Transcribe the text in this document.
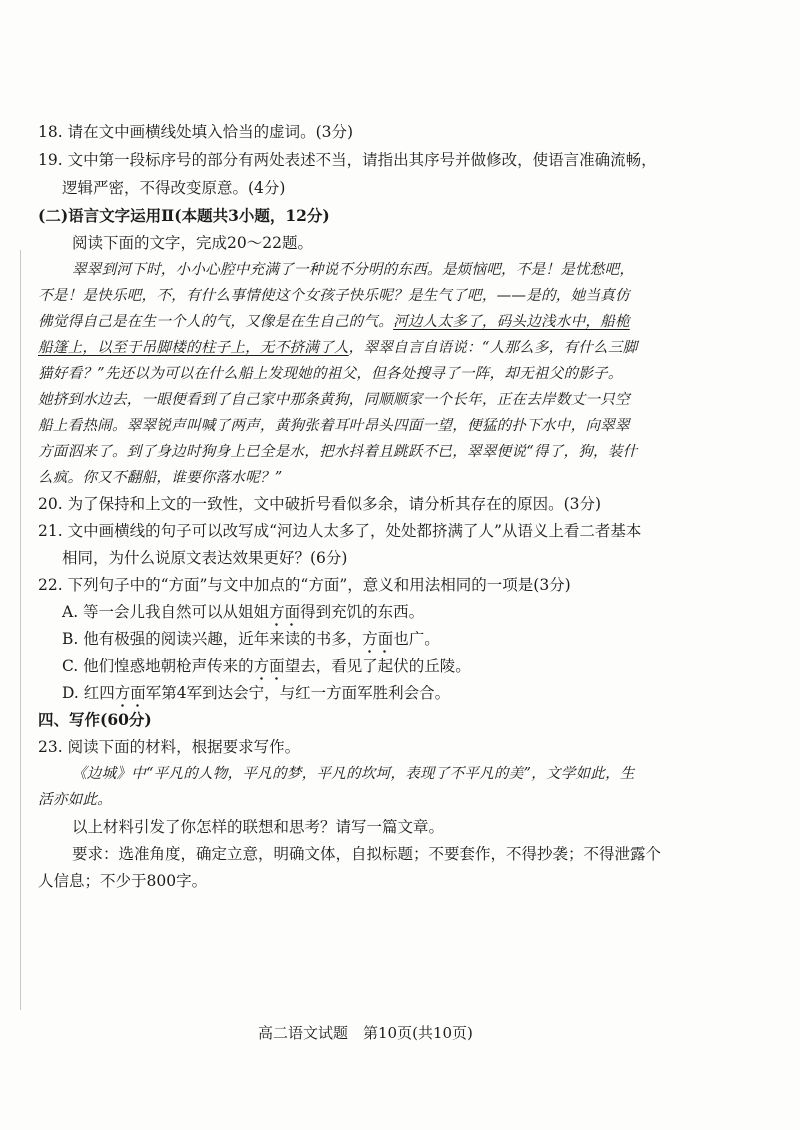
18. 请在文中画横线处填入恰当的虚词。(3分)
19. 文中第一段标序号的部分有两处表述不当，请指出其序号并做修改，使语言准确流畅，
逻辑严密，不得改变原意。(4分)
(二)语言文字运用Ⅱ(本题共3小题，12分)
阅读下面的文字，完成20～22题。
翠翠到河下时，小小心腔中充满了一种说不分明的东西。是烦恼吧，不是！是忧愁吧，
不是！是快乐吧，不，有什么事情使这个女孩子快乐呢？是生气了吧，——是的，她当真仿
佛觉得自己是在生一个人的气，又像是在生自己的气。河边人太多了，码头边浅水中，船桅
船篷上，以至于吊脚楼的柱子上，无不挤满了人，翠翠自言自语说：“人那么多，有什么三脚
猫好看？”先还以为可以在什么船上发现她的祖父，但各处搜寻了一阵，却无祖父的影子。
她挤到水边去，一眼便看到了自己家中那条黄狗，同顺顺家一个长年，正在去岸数丈一只空
船上看热闹。翠翠锐声叫喊了两声，黄狗张着耳叶昂头四面一望，便猛的扑下水中，向翠翠
方面泅来了。到了身边时狗身上已全是水，把水抖着且跳跃不已，翠翠便说“得了，狗，装什
么疯。你又不翻船，谁要你落水呢？”
20. 为了保持和上文的一致性，文中破折号看似多余，请分析其存在的原因。(3分)
21. 文中画横线的句子可以改写成“河边人太多了，处处都挤满了人”从语义上看二者基本
相同，为什么说原文表达效果更好？(6分)
22. 下列句子中的“方面”与文中加点的“方面”，意义和用法相同的一项是(3分)
A. 等一会儿我自然可以从姐姐方面得到充饥的东西。
B. 他有极强的阅读兴趣，近年来读的书多，方面也广。
C. 他们惶惑地朝枪声传来的方面望去，看见了起伏的丘陵。
D. 红四方面军第4军到达会宁，与红一方面军胜利会合。
四、写作(60分)
23. 阅读下面的材料，根据要求写作。
《边城》中“平凡的人物，平凡的梦，平凡的坎坷，表现了不平凡的美”，文学如此，生
活亦如此。
以上材料引发了你怎样的联想和思考？请写一篇文章。
要求：选准角度，确定立意，明确文体，自拟标题；不要套作，不得抄袭；不得泄露个
人信息；不少于800字。
高二语文试题　第10页(共10页)
